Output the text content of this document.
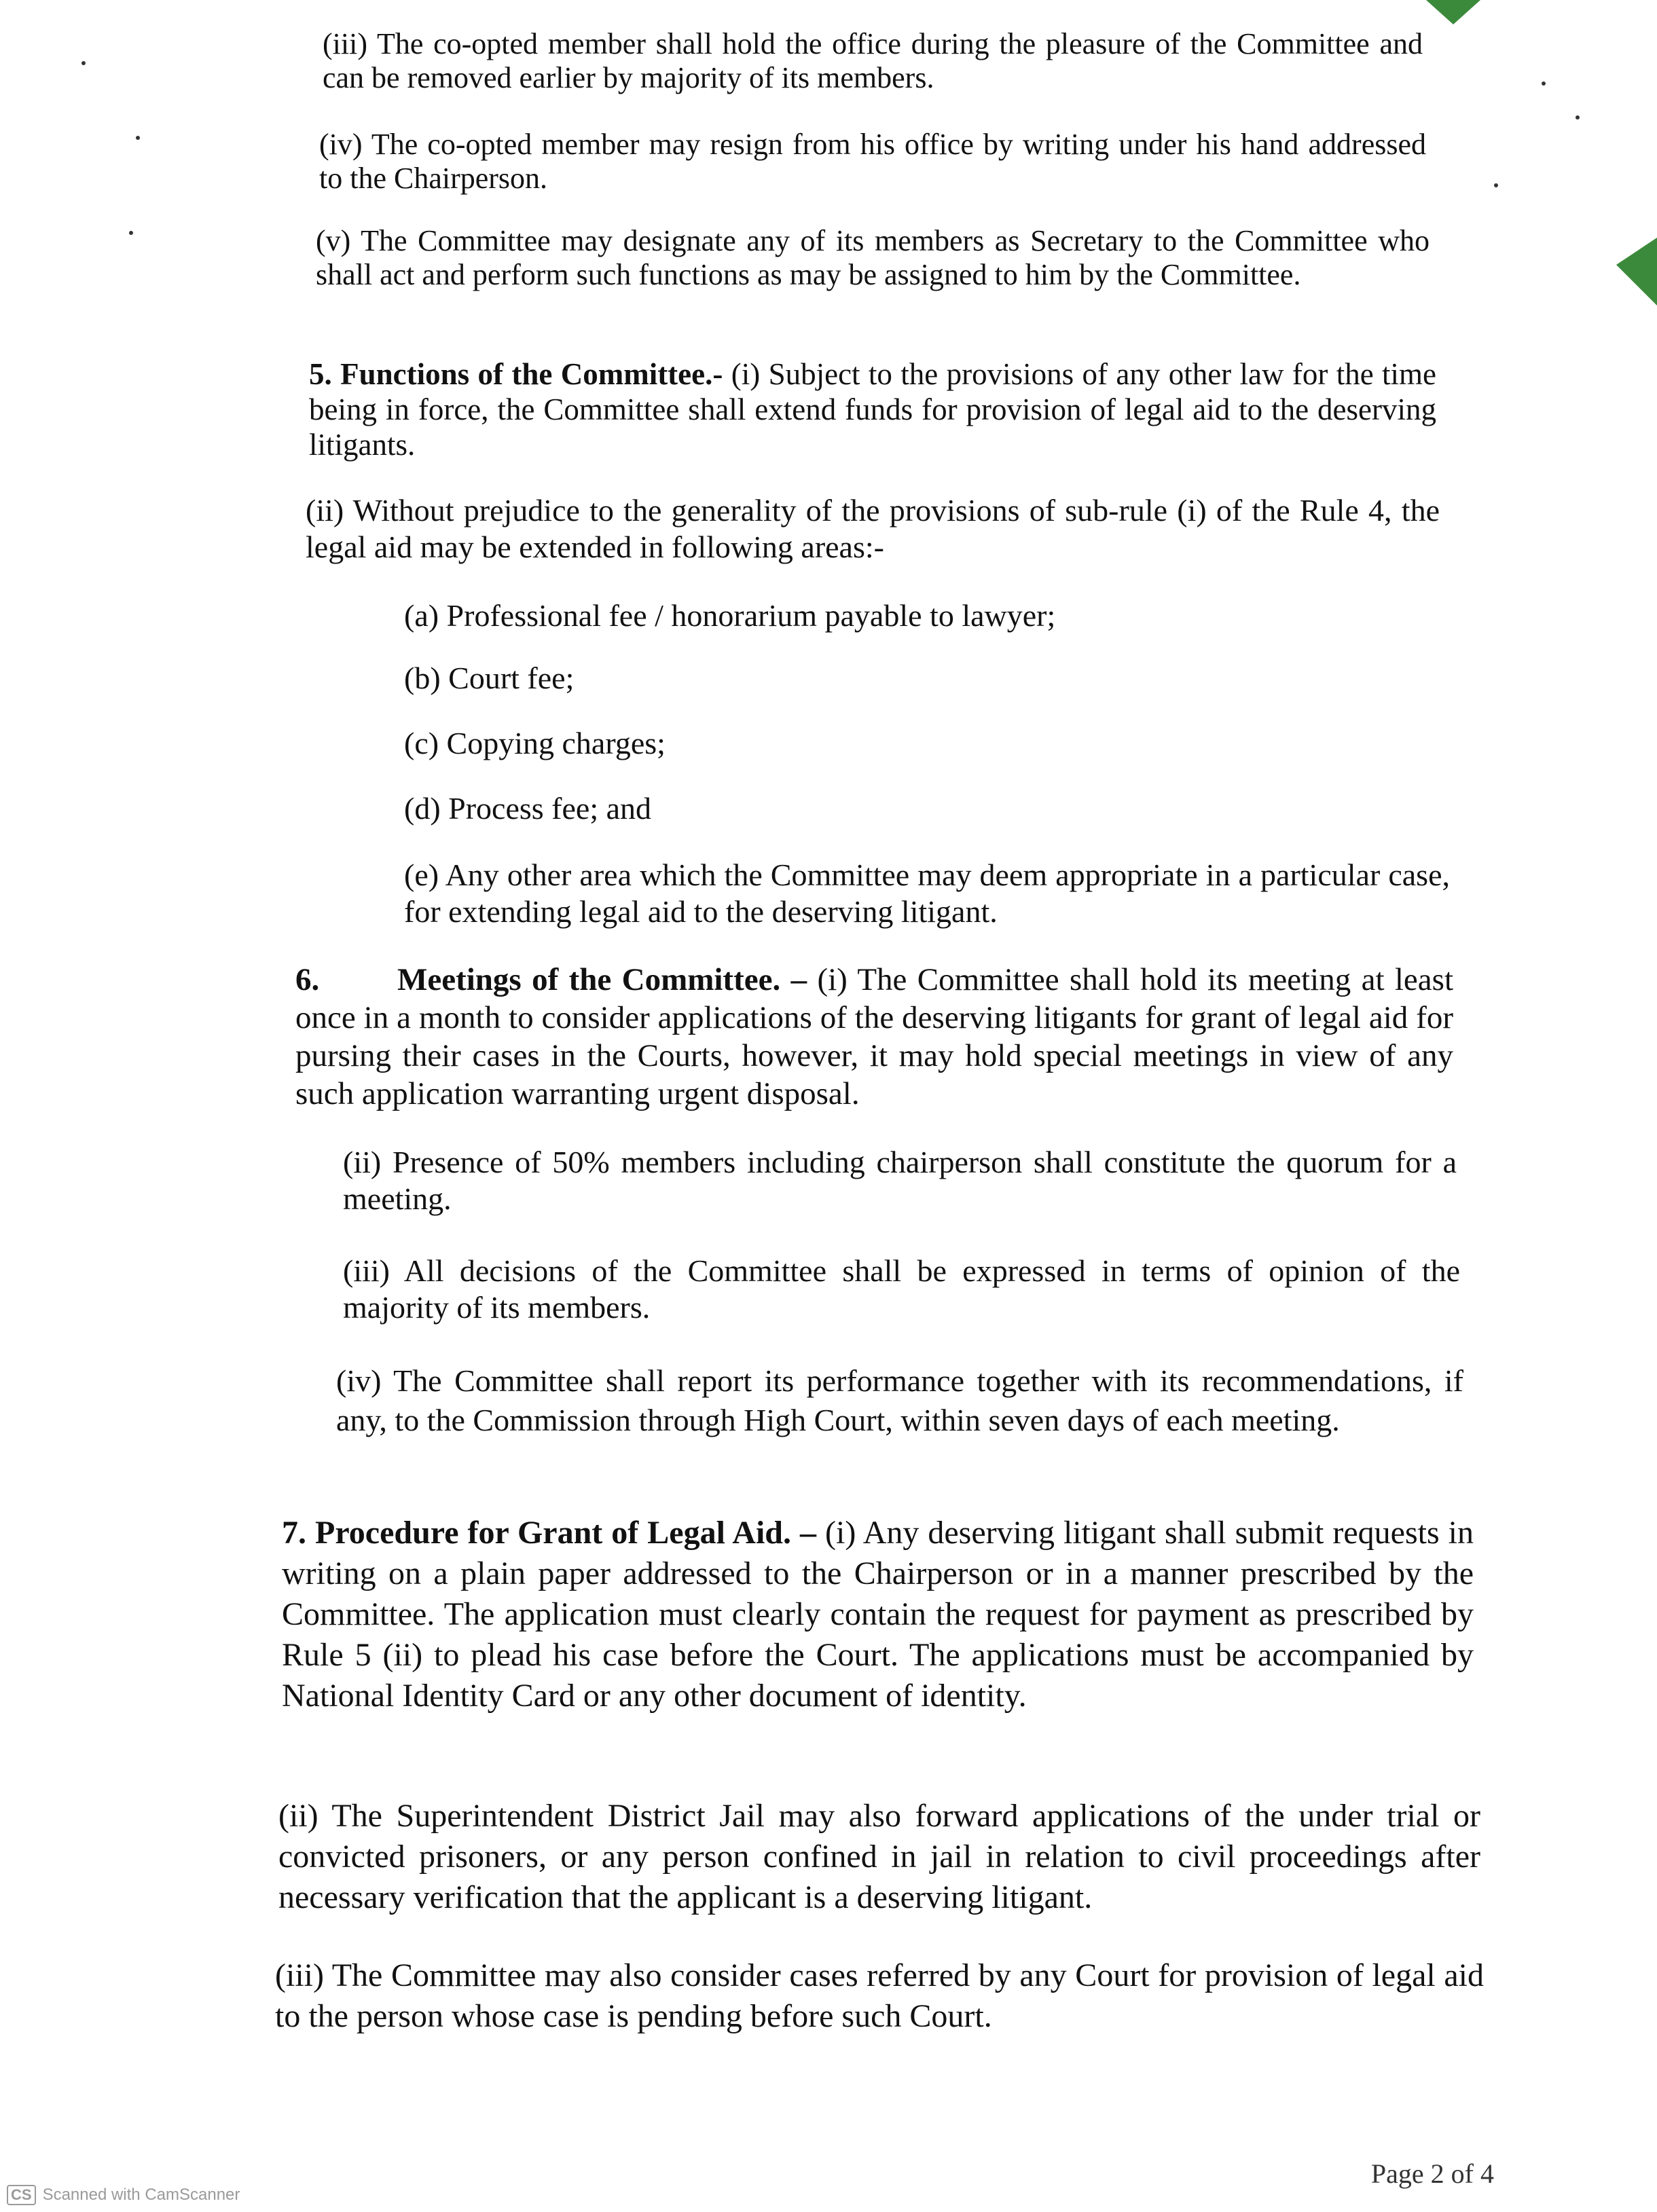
(iii) The co-opted member shall hold the office during the pleasure of the Committee and can be removed earlier by majority of its members.

(iv) The co-opted member may resign from his office by writing under his hand addressed to the Chairperson.

(v) The Committee may designate any of its members as Secretary to the Committee who shall act and perform such functions as may be assigned to him by the Committee.

5. Functions of the Committee.- (i) Subject to the provisions of any other law for the time being in force, the Committee shall extend funds for provision of legal aid to the deserving litigants.

(ii) Without prejudice to the generality of the provisions of sub-rule (i) of the Rule 4, the legal aid may be extended in following areas:-

(a) Professional fee / honorarium payable to lawyer;

(b) Court fee;

(c) Copying charges;

(d) Process fee; and

(e) Any other area which the Committee may deem appropriate in a particular case, for extending legal aid to the deserving litigant.

6. Meetings of the Committee. – (i) The Committee shall hold its meeting at least once in a month to consider applications of the deserving litigants for grant of legal aid for pursing their cases in the Courts, however, it may hold special meetings in view of any such application warranting urgent disposal.

(ii) Presence of 50% members including chairperson shall constitute the quorum for a meeting.

(iii) All decisions of the Committee shall be expressed in terms of opinion of the majority of its members.

(iv) The Committee shall report its performance together with its recommendations, if any, to the Commission through High Court, within seven days of each meeting.

7. Procedure for Grant of Legal Aid. – (i) Any deserving litigant shall submit requests in writing on a plain paper addressed to the Chairperson or in a manner prescribed by the Committee. The application must clearly contain the request for payment as prescribed by Rule 5 (ii) to plead his case before the Court. The applications must be accompanied by National Identity Card or any other document of identity.

(ii) The Superintendent District Jail may also forward applications of the under trial or convicted prisoners, or any person confined in jail in relation to civil proceedings after necessary verification that the applicant is a deserving litigant.

(iii) The Committee may also consider cases referred by any Court for provision of legal aid to the person whose case is pending before such Court.

Page 2 of 4
CS Scanned with CamScanner
